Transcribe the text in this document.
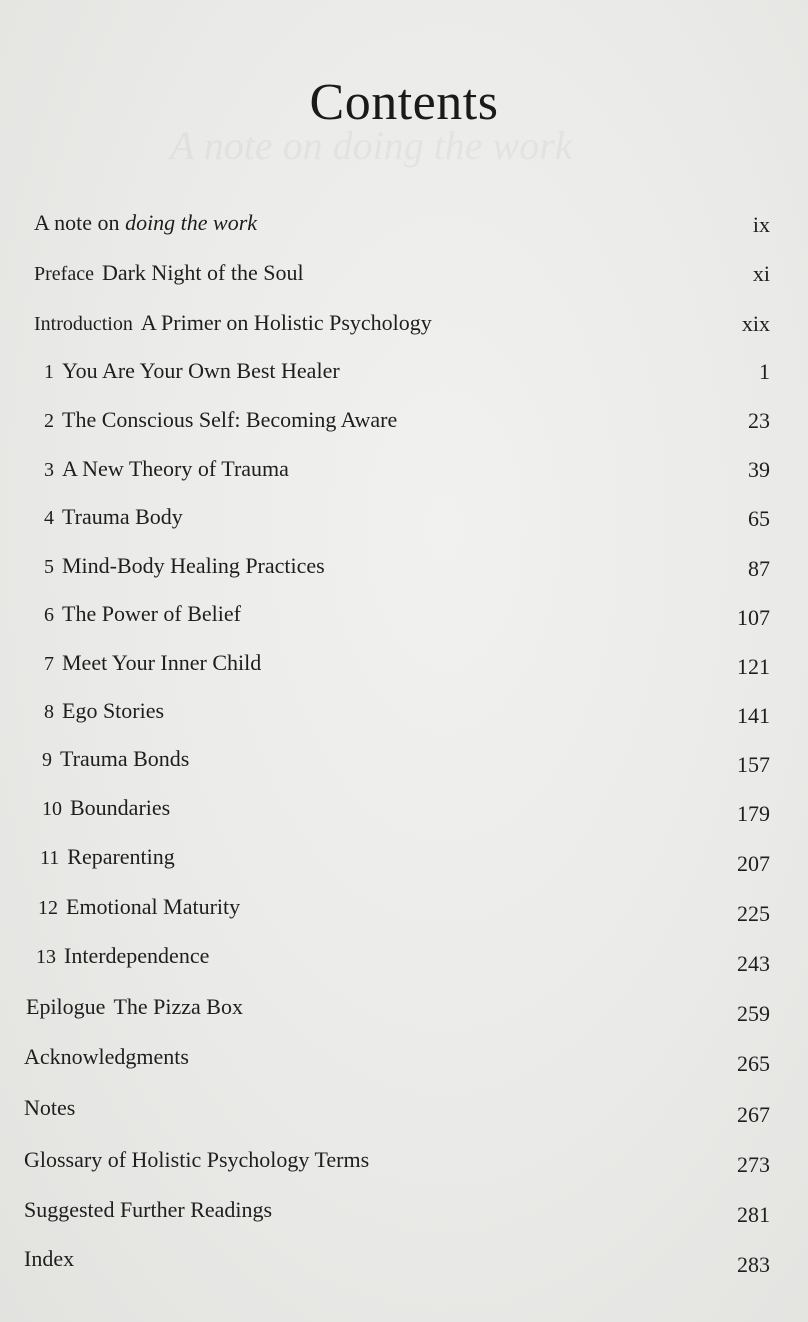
Contents
A note on doing the work	ix
Preface Dark Night of the Soul	xi
Introduction A Primer on Holistic Psychology	xix
1 You Are Your Own Best Healer	1
2 The Conscious Self: Becoming Aware	23
3 A New Theory of Trauma	39
4 Trauma Body	65
5 Mind-Body Healing Practices	87
6 The Power of Belief	107
7 Meet Your Inner Child	121
8 Ego Stories	141
9 Trauma Bonds	157
10 Boundaries	179
11 Reparenting	207
12 Emotional Maturity	225
13 Interdependence	243
Epilogue The Pizza Box	259
Acknowledgments	265
Notes	267
Glossary of Holistic Psychology Terms	273
Suggested Further Readings	281
Index	283
